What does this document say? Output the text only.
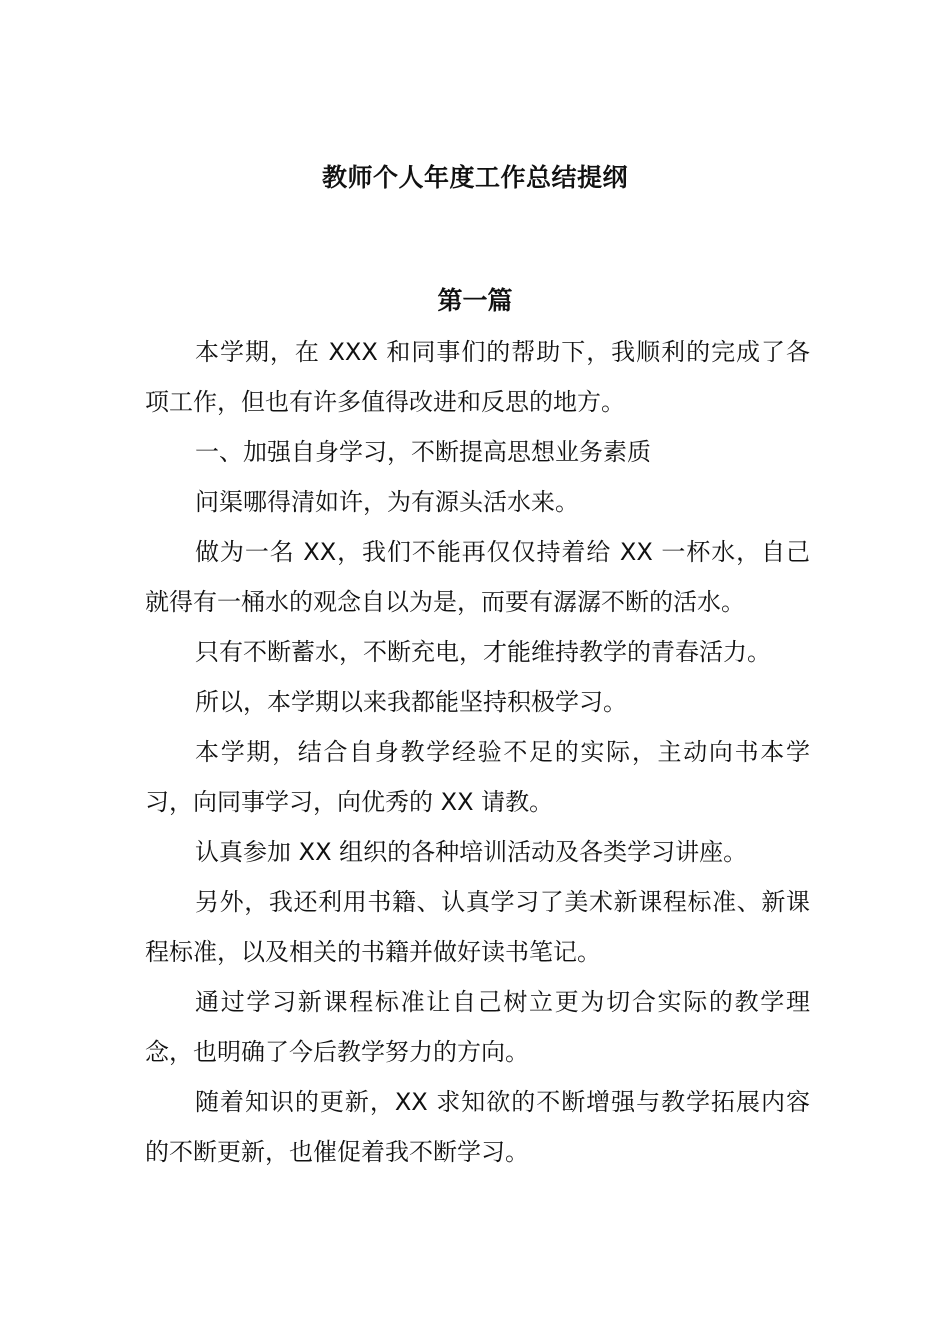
教师个人年度工作总结提纲
第一篇

本学期，在 XXX 和同事们的帮助下，我顺利的完成了各项工作，但也有许多值得改进和反思的地方。

一、加强自身学习，不断提高思想业务素质

问渠哪得清如许，为有源头活水来。

做为一名 XX，我们不能再仅仅持着给 XX 一杯水，自己就得有一桶水的观念自以为是，而要有潺潺不断的活水。

只有不断蓄水，不断充电，才能维持教学的青春活力。

所以，本学期以来我都能坚持积极学习。

本学期，结合自身教学经验不足的实际，主动向书本学习，向同事学习，向优秀的 XX 请教。

认真参加 XX 组织的各种培训活动及各类学习讲座。

另外，我还利用书籍、认真学习了美术新课程标准、新课程标准，以及相关的书籍并做好读书笔记。

通过学习新课程标准让自己树立更为切合实际的教学理念，也明确了今后教学努力的方向。

随着知识的更新，XX 求知欲的不断增强与教学拓展内容的不断更新，也催促着我不断学习。
